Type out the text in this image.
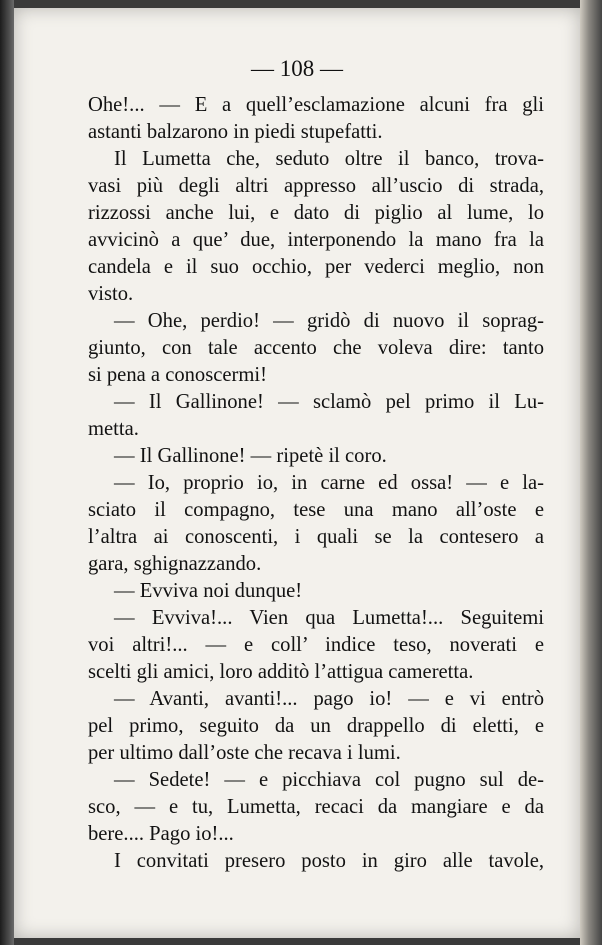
— 108 —
Ohe!... — E a quell’esclamazione alcuni fra gli
astanti balzarono in piedi stupefatti.
Il Lumetta che, seduto oltre il banco, trova-
vasi più degli altri appresso all’uscio di strada,
rizzossi anche lui, e dato di piglio al lume, lo
avvicinò a que’ due, interponendo la mano fra la
candela e il suo occhio, per vederci meglio, non
visto.
— Ohe, perdio! — gridò di nuovo il soprag-
giunto, con tale accento che voleva dire: tanto
si pena a conoscermi!
— Il Gallinone! — sclamò pel primo il Lu-
metta.
— Il Gallinone! — ripetè il coro.
— Io, proprio io, in carne ed ossa! — e la-
sciato il compagno, tese una mano all’oste e
l’altra ai conoscenti, i quali se la contesero a
gara, sghignazzando.
— Evviva noi dunque!
— Evviva!... Vien qua Lumetta!... Seguitemi
voi altri!... — e coll’ indice teso, noverati e
scelti gli amici, loro additò l’attigua cameretta.
— Avanti, avanti!... pago io! — e vi entrò
pel primo, seguito da un drappello di eletti, e
per ultimo dall’oste che recava i lumi.
— Sedete! — e picchiava col pugno sul de-
sco, — e tu, Lumetta, recaci da mangiare e da
bere.... Pago io!...
I convitati presero posto in giro alle tavole,
